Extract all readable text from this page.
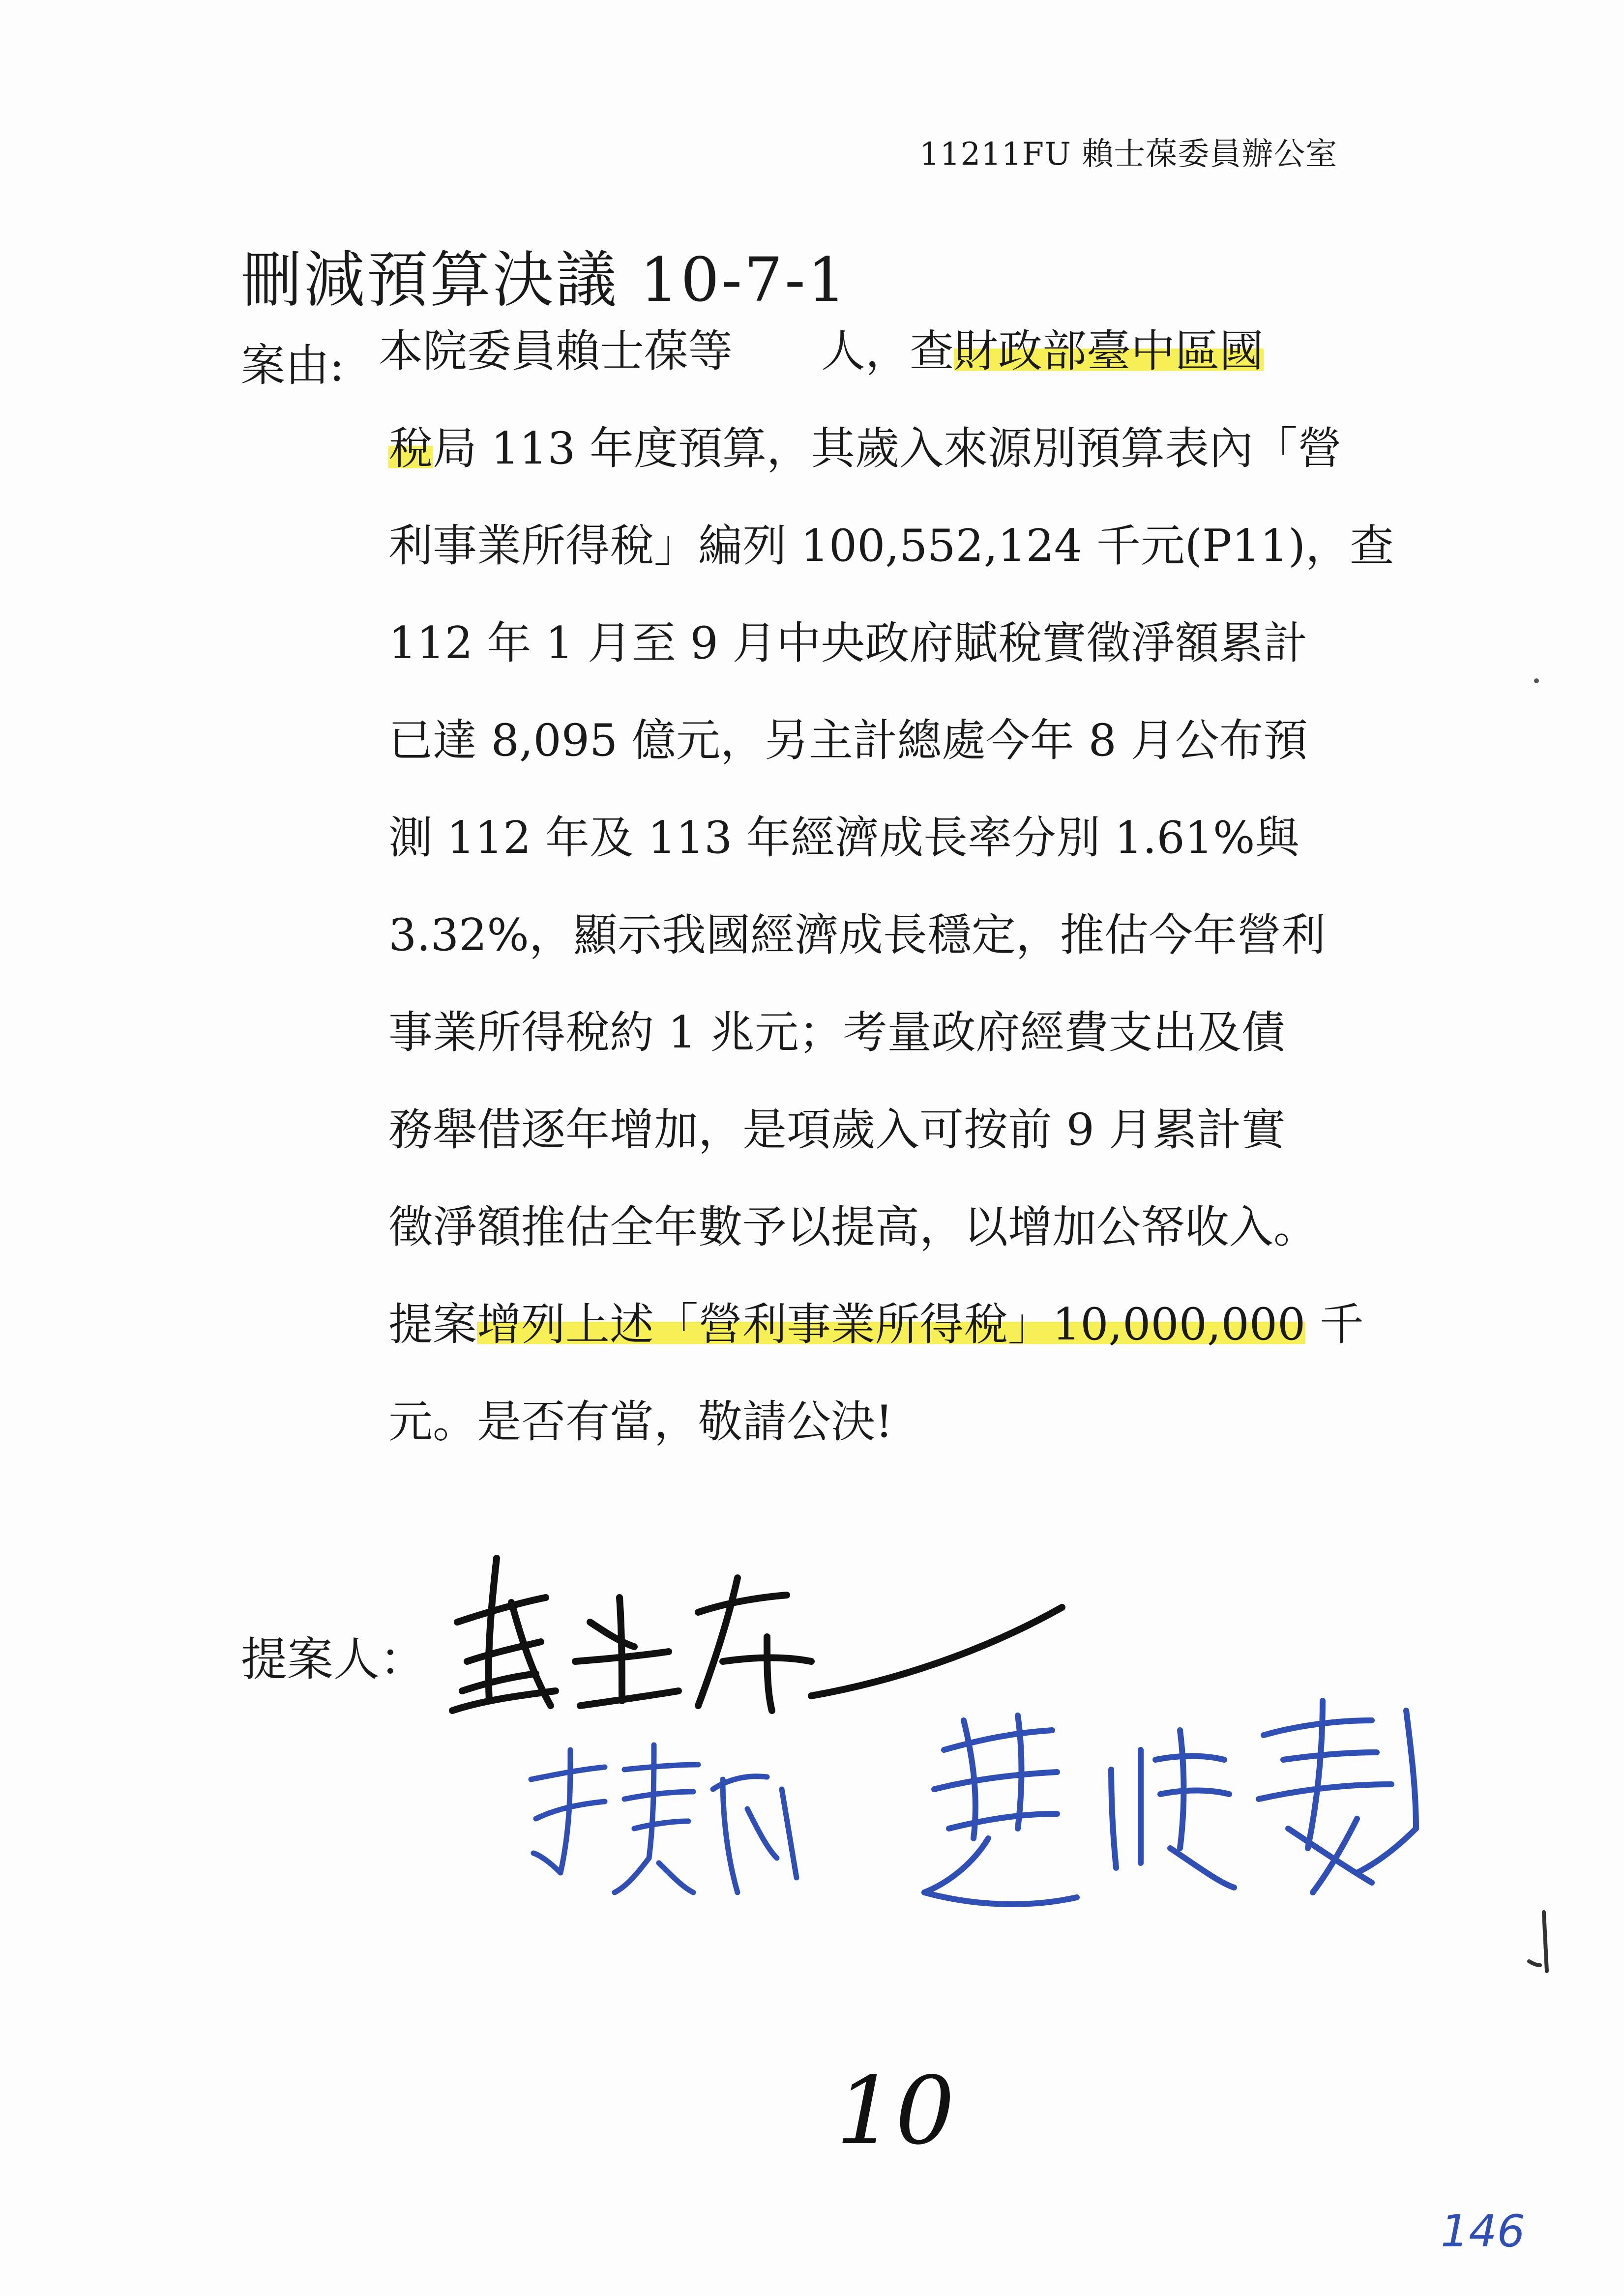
11211FU 賴士葆委員辦公室
刪減預算決議 10-7-1
案由: 本院委員賴士葆等　　人，查財政部臺中區國
稅局 113 年度預算，其歲入來源別預算表內「營
利事業所得稅」編列 100,552,124 千元(P11)，查
112 年 1 月至 9 月中央政府賦稅實徵淨額累計
已達 8,095 億元，另主計總處今年 8 月公布預
測 112 年及 113 年經濟成長率分別 1.61%與
3.32%，顯示我國經濟成長穩定，推估今年營利
事業所得稅約 1 兆元；考量政府經費支出及債
務舉借逐年增加，是項歲入可按前 9 月累計實
徵淨額推估全年數予以提高，以增加公帑收入。
提案增列上述「營利事業所得稅」10,000,000 千
元。是否有當，敬請公決!
提案人：
10
146
